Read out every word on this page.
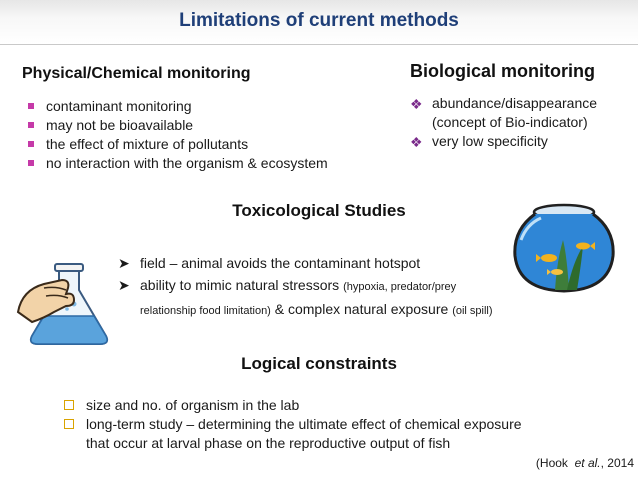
Limitations of current methods
Physical/Chemical monitoring
contaminant monitoring
may not be bioavailable
the effect of mixture of pollutants
no interaction with the organism & ecosystem
Biological monitoring
❖ abundance/disappearance
(concept of Bio-indicator)
❖ very low specificity
Toxicological Studies
➤ field – animal avoids the contaminant hotspot
➤ ability to mimic natural stressors (hypoxia, predator/prey
relationship food limitation) & complex natural exposure (oil spill)
Logical constraints
size and no. of organism in the lab
long-term study – determining the ultimate effect of chemical exposure
that occur at larval phase on the reproductive output of fish
(Hook et al., 2014
